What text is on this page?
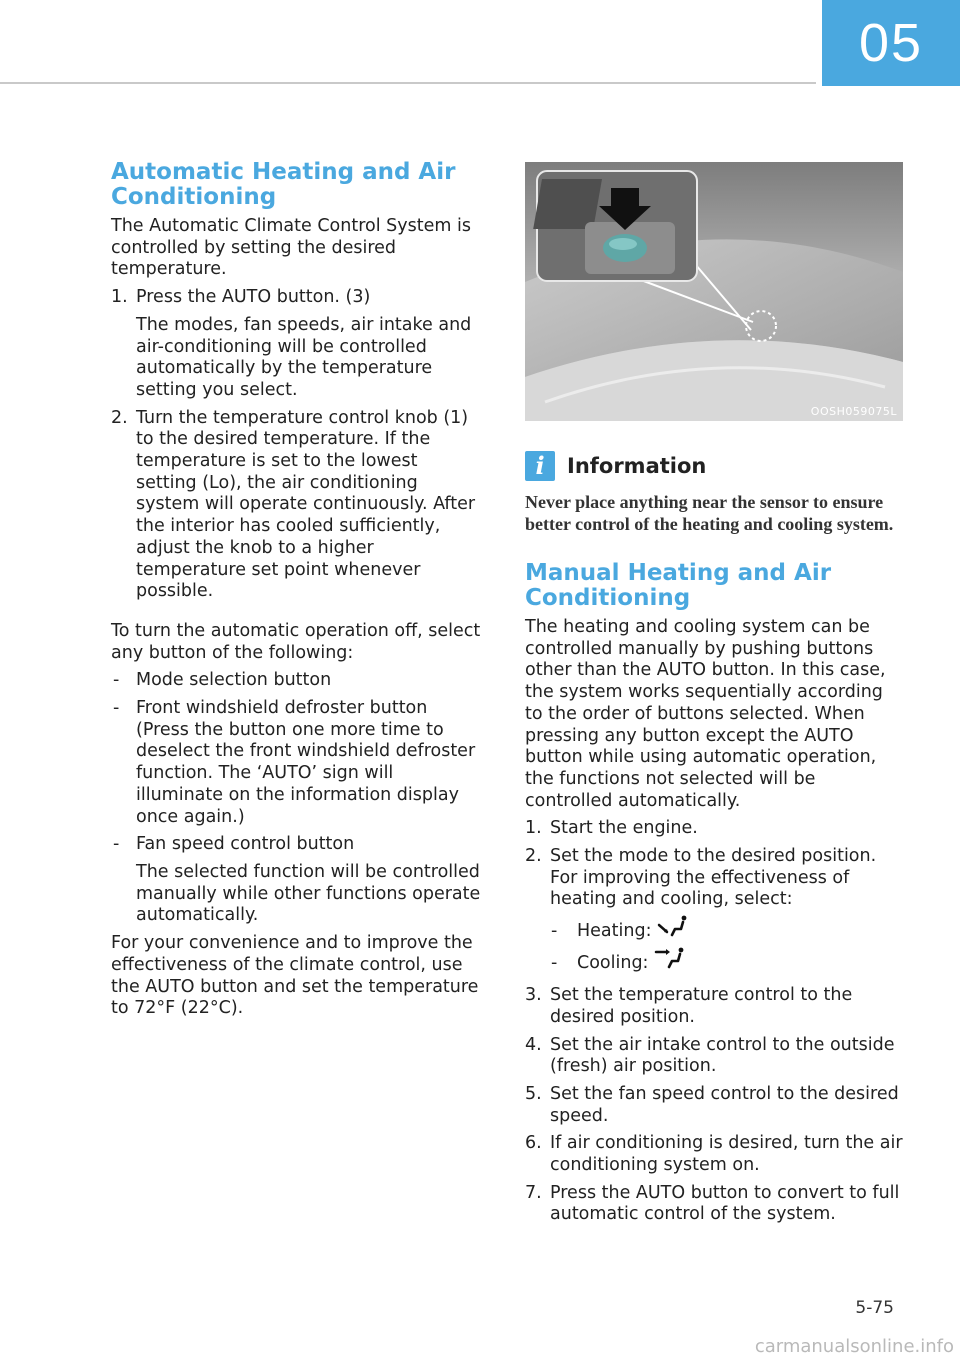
05
Automatic Heating and Air Conditioning

The Automatic Climate Control System is controlled by setting the desired temperature.

1. Press the AUTO button. (3)
The modes, fan speeds, air intake and air-conditioning will be controlled automatically by the temperature setting you select.
2. Turn the temperature control knob (1) to the desired temperature. If the temperature is set to the lowest setting (Lo), the air conditioning system will operate continuously. After the interior has cooled sufficiently, adjust the knob to a higher temperature set point whenever possible.

To turn the automatic operation off, select any button of the following:

- Mode selection button
- Front windshield defroster button (Press the button one more time to deselect the front windshield defroster function. The ‘AUTO’ sign will illuminate on the information display once again.)
- Fan speed control button
The selected function will be controlled manually while other functions operate automatically.

For your convenience and to improve the effectiveness of the climate control, use the AUTO button and set the temperature to 72°F (22°C).

OOSH059075L
i	Information
Never place anything near the sensor to ensure better control of the heating and cooling system.
Manual Heating and Air Conditioning

The heating and cooling system can be controlled manually by pushing buttons other than the AUTO button. In this case, the system works sequentially according to the order of buttons selected. When pressing any button except the AUTO button while using automatic operation, the functions not selected will be controlled automatically.

1. Start the engine.
2. Set the mode to the desired position. For improving the effectiveness of heating and cooling, select:
-	Heating:
-	Cooling:
3. Set the temperature control to the desired position.
4. Set the air intake control to the outside (fresh) air position.
5. Set the fan speed control to the desired speed.
6. If air conditioning is desired, turn the air conditioning system on.
7. Press the AUTO button to convert to full automatic control of the system.
5-75
carmanualsonline.info
